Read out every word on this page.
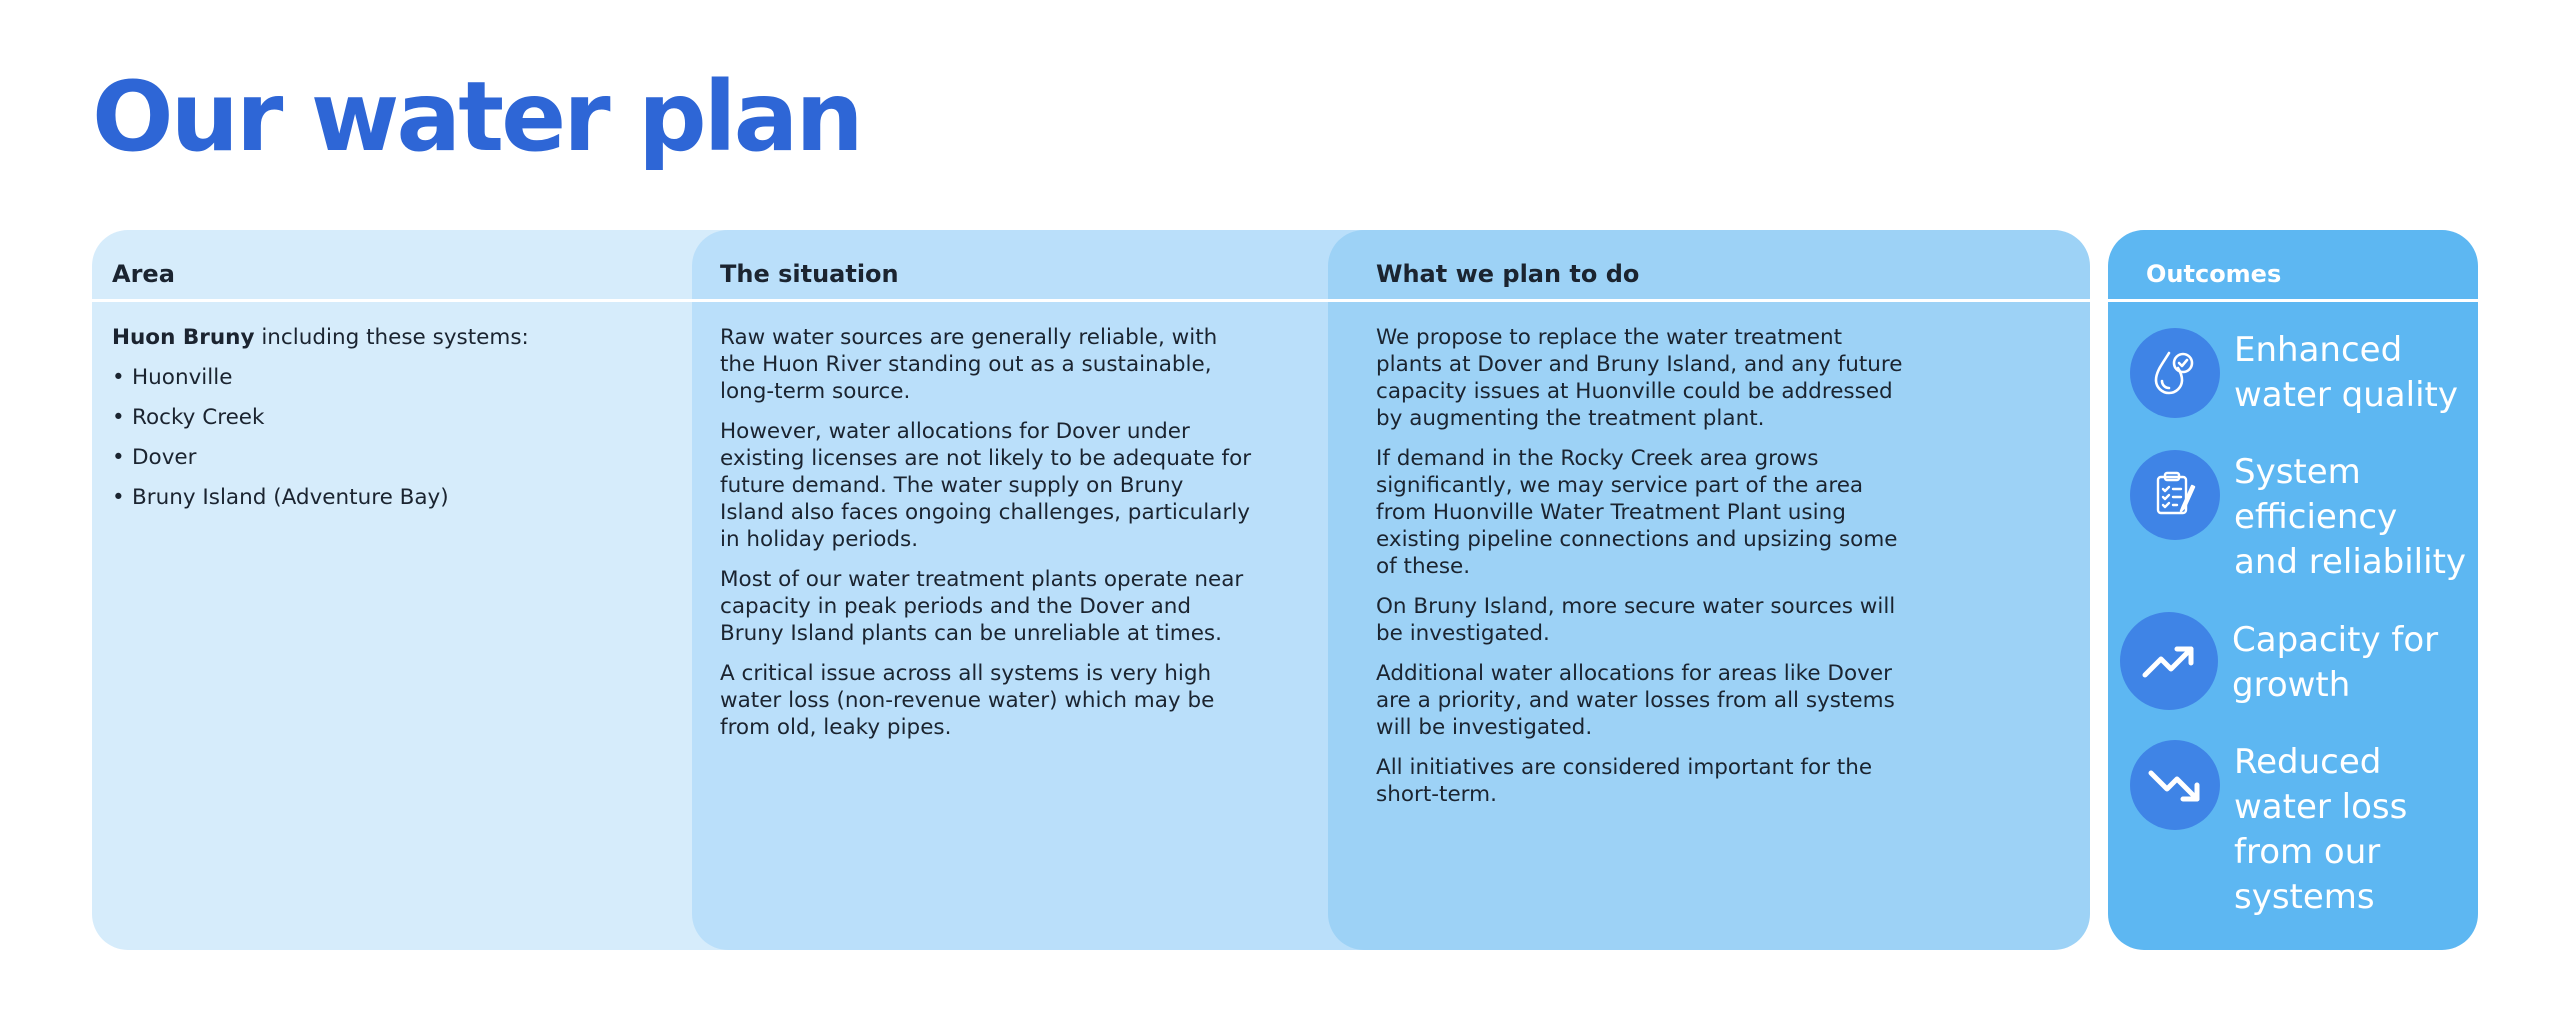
Our water plan
Area

Huon Bruny including these systems:

• Huonville
• Rocky Creek
• Dover
• Bruny Island (Adventure Bay)
The situation

Raw water sources are generally reliable, with the Huon River standing out as a sustainable, long-term source.

However, water allocations for Dover under existing licenses are not likely to be adequate for future demand. The water supply on Bruny Island also faces ongoing challenges, particularly in holiday periods.

Most of our water treatment plants operate near capacity in peak periods and the Dover and Bruny Island plants can be unreliable at times.

A critical issue across all systems is very high water loss (non-revenue water) which may be from old, leaky pipes.

What we plan to do

We propose to replace the water treatment plants at Dover and Bruny Island, and any future capacity issues at Huonville could be addressed by augmenting the treatment plant.

If demand in the Rocky Creek area grows significantly, we may service part of the area from Huonville Water Treatment Plant using existing pipeline connections and upsizing some of these.

On Bruny Island, more secure water sources will be investigated.

Additional water allocations for areas like Dover are a priority, and water losses from all systems will be investigated.

All initiatives are considered important for the short-term.

Outcomes
Enhanced water quality
System efficiency and reliability
Capacity for growth
Reduced water loss from our systems
